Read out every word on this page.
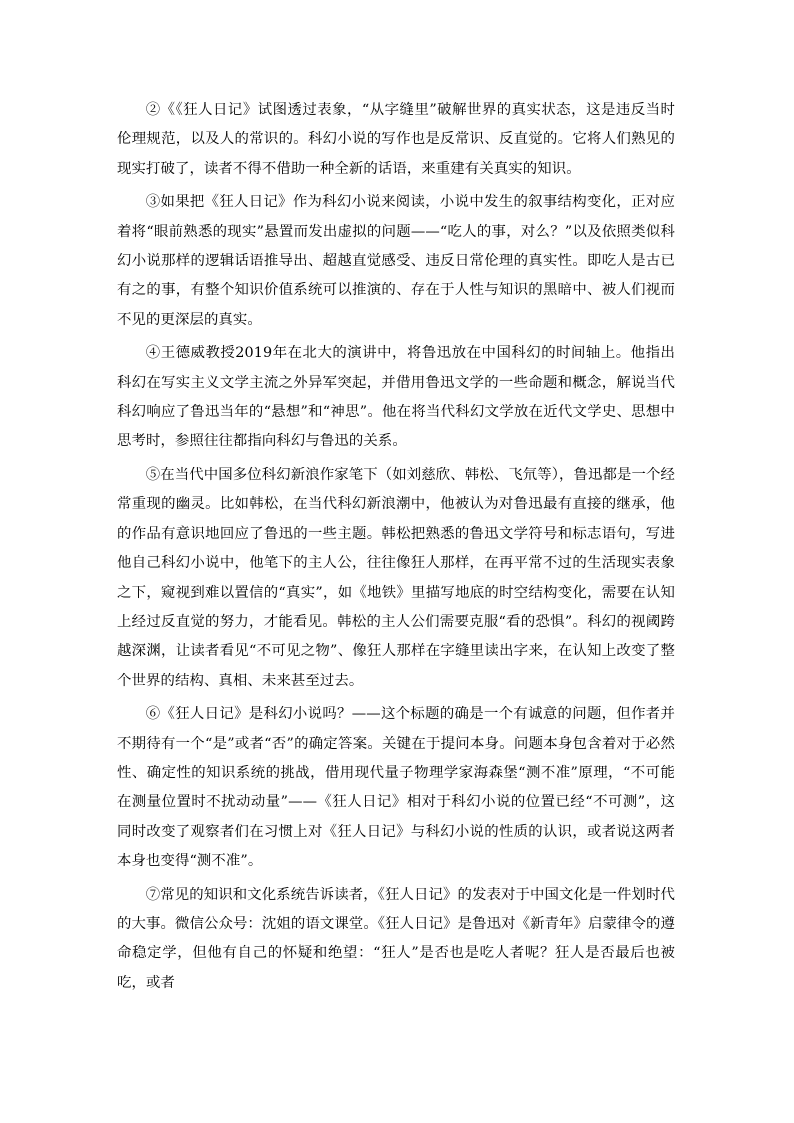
②《《狂人日记》试图透过表象，“从字缝里”破解世界的真实状态，这是违反当时伦理规范，以及人的常识的。科幻小说的写作也是反常识、反直觉的。它将人们熟见的现实打破了，读者不得不借助一种全新的话语，来重建有关真实的知识。

③如果把《狂人日记》作为科幻小说来阅读，小说中发生的叙事结构变化，正对应着将“眼前熟悉的现实”悬置而发出虚拟的问题——“吃人的事，对么？”以及依照类似科幻小说那样的逻辑话语推导出、超越直觉感受、违反日常伦理的真实性。即吃人是古已有之的事，有整个知识价值系统可以推演的、存在于人性与知识的黑暗中、被人们视而不见的更深层的真实。

④王德威教授2019年在北大的演讲中，将鲁迅放在中国科幻的时间轴上。他指出科幻在写实主义文学主流之外异军突起，并借用鲁迅文学的一些命题和概念，解说当代科幻响应了鲁迅当年的“悬想”和“神思”。他在将当代科幻文学放在近代文学史、思想中思考时，参照往往都指向科幻与鲁迅的关系。

⑤在当代中国多位科幻新浪作家笔下（如刘慈欣、韩松、飞氘等），鲁迅都是一个经常重现的幽灵。比如韩松，在当代科幻新浪潮中，他被认为对鲁迅最有直接的继承，他的作品有意识地回应了鲁迅的一些主题。韩松把熟悉的鲁迅文学符号和标志语句，写进他自己科幻小说中，他笔下的主人公，往往像狂人那样，在再平常不过的生活现实表象之下，窥视到难以置信的“真实”，如《地铁》里描写地底的时空结构变化，需要在认知上经过反直觉的努力，才能看见。韩松的主人公们需要克服“看的恐惧”。科幻的视阈跨越深渊，让读者看见“不可见之物”、像狂人那样在字缝里读出字来，在认知上改变了整个世界的结构、真相、未来甚至过去。

⑥《狂人日记》是科幻小说吗？——这个标题的确是一个有诚意的问题，但作者并不期待有一个“是”或者“否”的确定答案。关键在于提问本身。问题本身包含着对于必然性、确定性的知识系统的挑战，借用现代量子物理学家海森堡“测不准”原理，“不可能在测量位置时不扰动动量”——《狂人日记》相对于科幻小说的位置已经“不可测”，这同时改变了观察者们在习惯上对《狂人日记》与科幻小说的性质的认识，或者说这两者本身也变得“测不准”。

⑦常见的知识和文化系统告诉读者，《狂人日记》的发表对于中国文化是一件划时代的大事。微信公众号：沈姐的语文课堂。《狂人日记》是鲁迅对《新青年》启蒙律令的遵命稳定学，但他有自己的怀疑和绝望：“狂人”是否也是吃人者呢？狂人是否最后也被吃，或者
